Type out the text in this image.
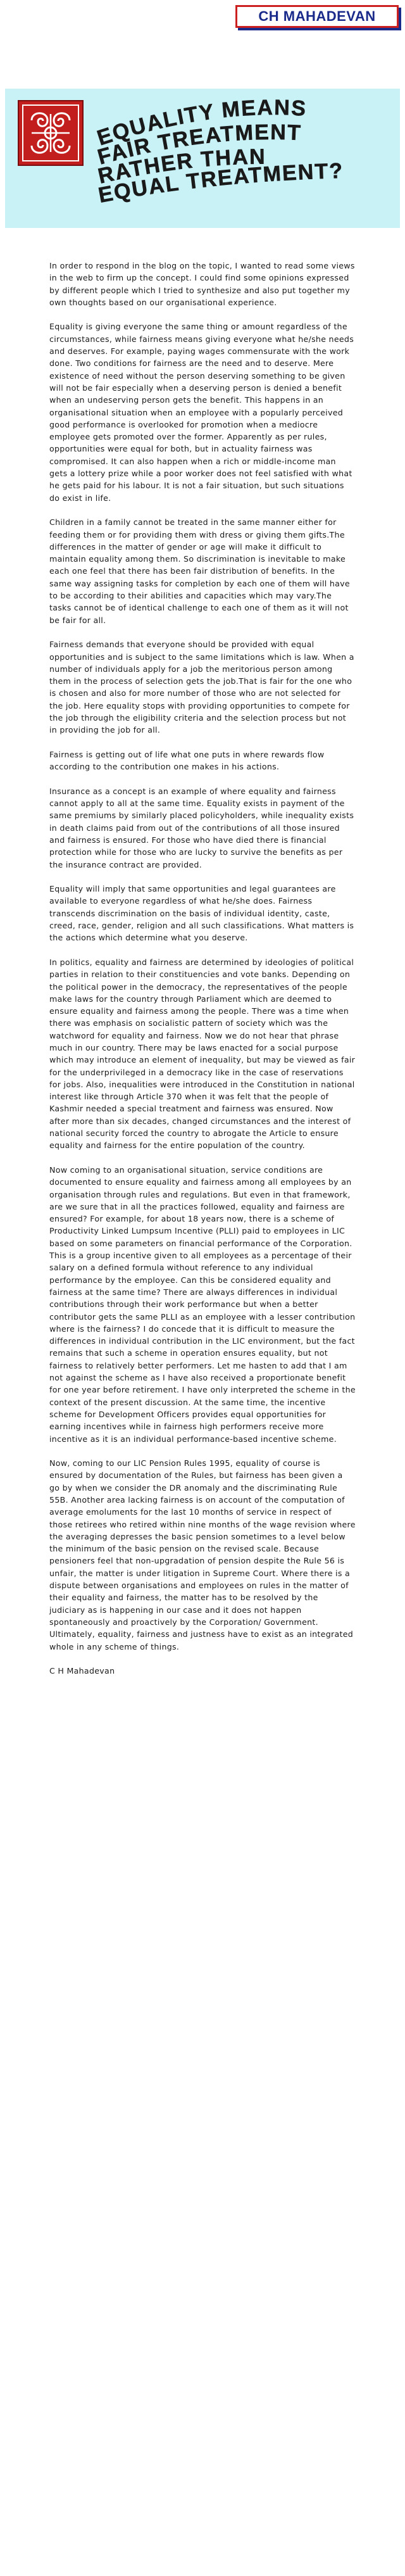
CH MAHADEVAN
EQUALITY MEANS
FAIR TREATMENT
RATHER THAN
EQUAL TREATMENT?

In order to respond in the blog on the topic, I wanted to read some views in the web to firm up the concept. I could find some opinions expressed by different people which I tried to synthesize and also put together my own thoughts based on our organisational experience.

Equality is giving everyone the same thing or amount regardless of the circumstances, while fairness means giving everyone what he/she needs and deserves. For example, paying wages commensurate with the work done. Two conditions for fairness are the need and to deserve. Mere existence of need without the person deserving something to be given will not be fair especially when a deserving person is denied a benefit when an undeserving person gets the benefit. This happens in an organisational situation when an employee with a popularly perceived good performance is overlooked for promotion when a mediocre employee gets promoted over the former. Apparently as per rules, opportunities were equal for both, but in actuality fairness was compromised. It can also happen when a rich or middle-income man gets a lottery prize while a poor worker does not feel satisfied with what he gets paid for his labour. It is not a fair situation, but such situations do exist in life.

Children in a family cannot be treated in the same manner either for feeding them or for providing them with dress or giving them gifts.The differences in the matter of gender or age will make it difficult to maintain equality among them. So discrimination is inevitable to make each one feel that there has been fair distribution of benefits. In the same way assigning tasks for completion by each one of them will have to be according to their abilities and capacities which may vary.The tasks cannot be of identical challenge to each one of them as it will not be fair for all.

Fairness demands that everyone should be provided with equal opportunities and is subject to the same limitations which is law. When a number of individuals apply for a job the meritorious person among them in the process of selection gets the job.That is fair for the one who is chosen and also for more number of those who are not selected for the job. Here equality stops with providing opportunities to compete for the job through the eligibility criteria and the selection process but not in providing the job for all.

Fairness is getting out of life what one puts in where rewards flow according to the contribution one makes in his actions.

Insurance as a concept is an example of where equality and fairness cannot apply to all at the same time. Equality exists in payment of the same premiums by similarly placed policyholders, while inequality exists in death claims paid from out of the contributions of all those insured and fairness is ensured. For those who have died there is financial protection while for those who are lucky to survive the benefits as per the insurance contract are provided.

Equality will imply that same opportunities and legal guarantees are available to everyone regardless of what he/she does. Fairness transcends discrimination on the basis of individual identity, caste, creed, race, gender, religion and all such classifications. What matters is the actions which determine what you deserve.

In politics, equality and fairness are determined by ideologies of political parties in relation to their constituencies and vote banks. Depending on the political power in the democracy, the representatives of the people make laws for the country through Parliament which are deemed to ensure equality and fairness among the people. There was a time when there was emphasis on socialistic pattern of society which was the watchword for equality and fairness. Now we do not hear that phrase much in our country. There may be laws enacted for a social purpose which may introduce an element of inequality, but may be viewed as fair for the underprivileged in a democracy like in the case of reservations for jobs. Also, inequalities were introduced in the Constitution in national interest like through Article 370 when it was felt that the people of Kashmir needed a special treatment and fairness was ensured. Now after more than six decades, changed circumstances and the interest of national security forced the country to abrogate the Article to ensure equality and fairness for the entire population of the country.

Now coming to an organisational situation, service conditions are documented to ensure equality and fairness among all employees by an organisation through rules and regulations. But even in that framework, are we sure that in all the practices followed, equality and fairness are ensured? For example, for about 18 years now, there is a scheme of Productivity Linked Lumpsum Incentive (PLLI) paid to employees in LIC based on some parameters on financial performance of the Corporation. This is a group incentive given to all employees as a percentage of their salary on a defined formula without reference to any individual performance by the employee. Can this be considered equality and fairness at the same time? There are always differences in individual contributions through their work performance but when a better contributor gets the same PLLI as an employee with a lesser contribution where is the fairness? I do concede that it is difficult to measure the differences in individual contribution in the LIC environment, but the fact remains that such a scheme in operation ensures equality, but not fairness to relatively better performers. Let me hasten to add that I am not against the scheme as I have also received a proportionate benefit for one year before retirement. I have only interpreted the scheme in the context of the present discussion. At the same time, the incentive scheme for Development Officers provides equal opportunities for earning incentives while in fairness high performers receive more incentive as it is an individual performance-based incentive scheme.

Now, coming to our LIC Pension Rules 1995, equality of course is ensured by documentation of the Rules, but fairness has been given a go by when we consider the DR anomaly and the discriminating Rule 55B. Another area lacking fairness is on account of the computation of average emoluments for the last 10 months of service in respect of those retirees who retired within nine months of the wage revision where the averaging depresses the basic pension sometimes to a level below the minimum of the basic pension on the revised scale. Because pensioners feel that non-upgradation of pension despite the Rule 56 is unfair, the matter is under litigation in Supreme Court. Where there is a dispute between organisations and employees on rules in the matter of their equality and fairness, the matter has to be resolved by the judiciary as is happening in our case and it does not happen spontaneously and proactively by the Corporation/ Government. Ultimately, equality, fairness and justness have to exist as an integrated whole in any scheme of things.

C H Mahadevan
